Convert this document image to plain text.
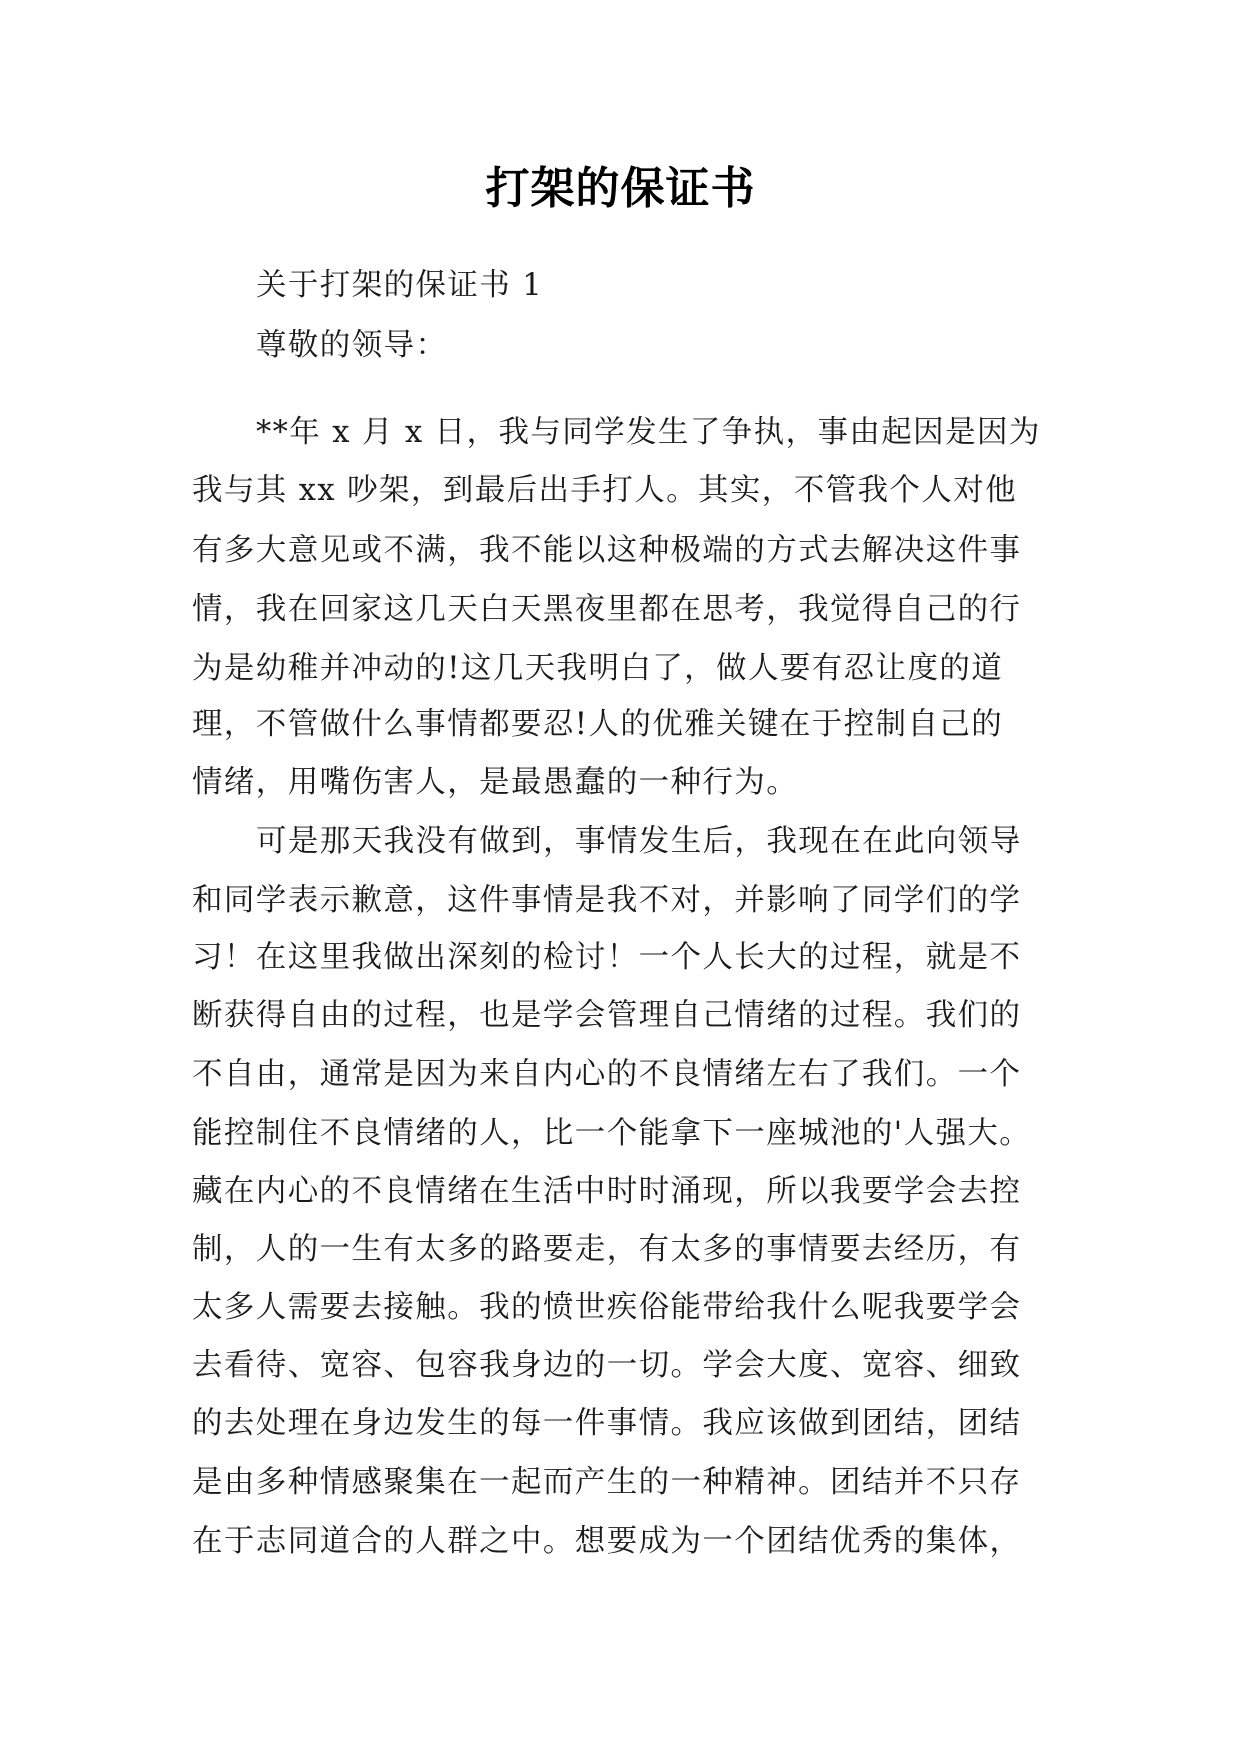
打架的保证书
关于打架的保证书 1
尊敬的领导：
**年 x 月 x 日，我与同学发生了争执，事由起因是因为
我与其 xx 吵架，到最后出手打人。其实，不管我个人对他
有多大意见或不满，我不能以这种极端的方式去解决这件事
情，我在回家这几天白天黑夜里都在思考，我觉得自己的行
为是幼稚并冲动的!这几天我明白了，做人要有忍让度的道
理，不管做什么事情都要忍!人的优雅关键在于控制自己的
情绪，用嘴伤害人，是最愚蠢的一种行为。
可是那天我没有做到，事情发生后，我现在在此向领导
和同学表示歉意，这件事情是我不对，并影响了同学们的学
习！在这里我做出深刻的检讨！一个人长大的过程，就是不
断获得自由的过程，也是学会管理自己情绪的过程。我们的
不自由，通常是因为来自内心的不良情绪左右了我们。一个
能控制住不良情绪的人，比一个能拿下一座城池的'人强大。
藏在内心的不良情绪在生活中时时涌现，所以我要学会去控
制，人的一生有太多的路要走，有太多的事情要去经历，有
太多人需要去接触。我的愤世疾俗能带给我什么呢我要学会
去看待、宽容、包容我身边的一切。学会大度、宽容、细致
的去处理在身边发生的每一件事情。我应该做到团结，团结
是由多种情感聚集在一起而产生的一种精神。团结并不只存
在于志同道合的人群之中。想要成为一个团结优秀的集体，
